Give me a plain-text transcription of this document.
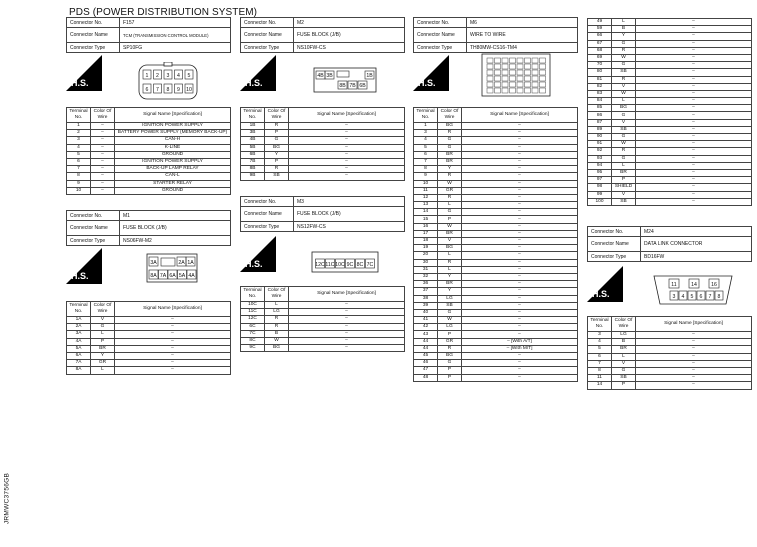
PDS (POWER DISTRIBUTION SYSTEM)
JRMWC3756GB
Connector No.	F157
Connector Name	TCM (TRANSMISSION CONTROL MODULE)
Connector Type	SP10FG
H.S.
1 2 3 4 5
6 7 8 9 10
Terminal No.	Color Of Wire	Signal Name [Specification]
1	–	IGNITION POWER SUPPLY
2	–	BATTERY POWER SUPPLY (MEMORY BACK-UP)
3	–	CAN-H
4	–	K-LINE
5	–	GROUND
6	–	IGNITION POWER SUPPLY
7	–	BACK-UP LAMP RELAY
8	–	CAN-L
9	–	STARTER RELAY
10	–	GROUND
Connector No.	M1
Connector Name	FUSE BLOCK (J/B)
Connector Type	NS06FW-M2
H.S.
3A	2A 1A
8A 7A 6A 5A 4A
Terminal No.	Color Of Wire	Signal Name [Specification]
1A	V	–
2A	G	–
3A	L	–
4A	P	–
5A	BR	–
6A	Y	–
7A	GR	–
8A	L	–
Connector No.	M2
Connector Name	FUSE BLOCK (J/B)
Connector Type	NS10FW-CS
H.S.
4B 3B	1B
8B 7B 6B
Terminal No.	Color Of Wire	Signal Name [Specification]
1B	R	–
3B	P	–
4B	G	–
5B	BG	–
6B	Y	–
7B	P	–
8B	R	–
9B	SB	–
Connector No.	M3
Connector Name	FUSE BLOCK (J/B)
Connector Type	NS12FW-CS
H.S.	12C 11C 10C 9C 8C 7C
Terminal No.	Color Of Wire	Signal Name [Specification]
10C	L	–
11C	LG	–
12C	R	–
6C	R	–
7C	B	–
8C	W	–
9C	BG	–
Connector No.	M6
Connector Name	WIRE TO WIRE
Connector Type	TH80MW-CS16-TM4
H.S.
Terminal No.	Color Of Wire	Signal Name [Specification]
1	BG	–
3	R	–
4	G	–
5	G	–
6	BR	–
7	BR	–
8	Y	–
9	R	–
10	W	–
11	GR	–
12	R	–
13	L	–
14	G	–
15	P	–
16	W	–
17	BR	–
18	V	–
19	BG	–
20	L	–
30	R	–
31	L	–
32	Y	–
36	BR	–
37	Y	–
38	LG	–
39	SB	–
40	G	–
41	W	–
42	LG	–
43	P	–
44	GR	– [With A/T]
44	R	– [With M/T]
45	BG	–
46	G	–
47	P	–
48	P	–
49	L	–
59	B	–
66	Y	–
67	G	–
68	R	–
69	W	–
70	G	–
80	SB	–
81	R	–
82	V	–
83	W	–
84	L	–
85	BG	–
86	G	–
87	V	–
89	SB	–
90	G	–
91	W	–
92	R	–
93	G	–
94	L	–
95	BR	–
97	P	–
98	SHIELD	–
99	V	–
100	SB	–
Connector No.	M24
Connector Name	DATA LINK CONNECTOR
Connector Type	BD16FW
H.S.
11	14	16
3 4 5 6 7 8
Terminal No.	Color Of Wire	Signal Name [Specification]
3	LG	–
4	B	–
5	BR	–
6	L	–
7	V	–
8	G	–
11	SB	–
14	P	–
